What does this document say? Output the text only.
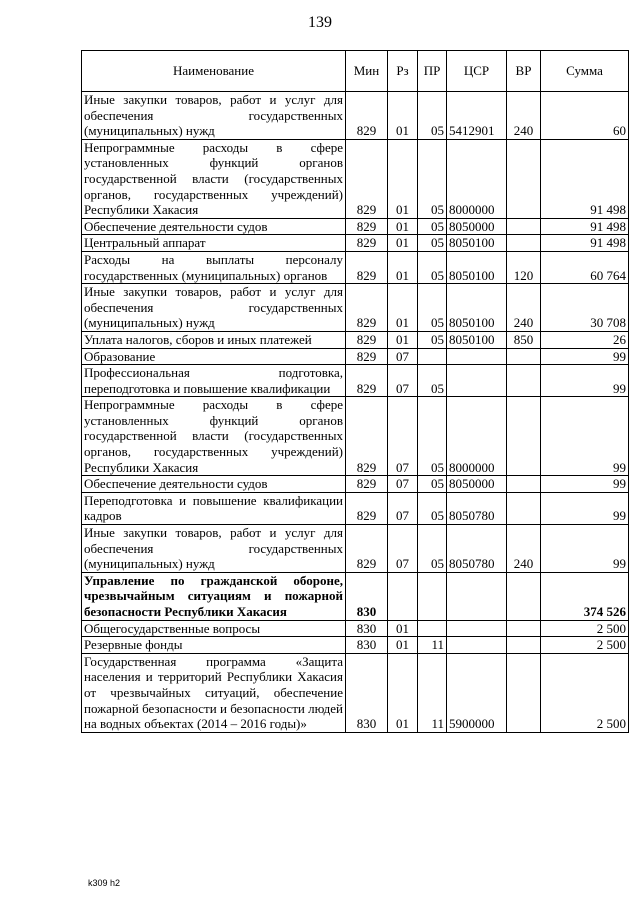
139
Наименование	Мин	Рз	ПР	ЦСР	ВР	Сумма
Иные закупки товаров, работ и услуг для обеспечения государственных (муниципальных) нужд	829	01	05	5412901	240	60
Непрограммные расходы в сфере установленных функций органов государственной власти (государственных органов, государственных учреждений) Республики Хакасия	829	01	05	8000000		91 498
Обеспечение деятельности судов	829	01	05	8050000		91 498
Центральный аппарат	829	01	05	8050100		91 498
Расходы на выплаты персоналу государственных (муниципальных) органов	829	01	05	8050100	120	60 764
Иные закупки товаров, работ и услуг для обеспечения государственных (муниципальных) нужд	829	01	05	8050100	240	30 708
Уплата налогов, сборов и иных платежей	829	01	05	8050100	850	26
Образование	829	07				99
Профессиональная подготовка, переподготовка и повышение квалификации	829	07	05			99
Непрограммные расходы в сфере установленных функций органов государственной власти (государственных органов, государственных учреждений) Республики Хакасия	829	07	05	8000000		99
Обеспечение деятельности судов	829	07	05	8050000		99
Переподготовка и повышение квалификации кадров	829	07	05	8050780		99
Иные закупки товаров, работ и услуг для обеспечения государственных (муниципальных) нужд	829	07	05	8050780	240	99
Управление по гражданской обороне, чрезвычайным ситуациям и пожарной безопасности Республики Хакасия	830					374 526
Общегосударственные вопросы	830	01				2 500
Резервные фонды	830	01	11			2 500
Государственная программа «Защита населения и территорий Республики Хакасия от чрезвычайных ситуаций, обеспечение пожарной безопасности и безопасности людей на водных объектах (2014 – 2016 годы)»	830	01	11	5900000		2 500
k309 h2
